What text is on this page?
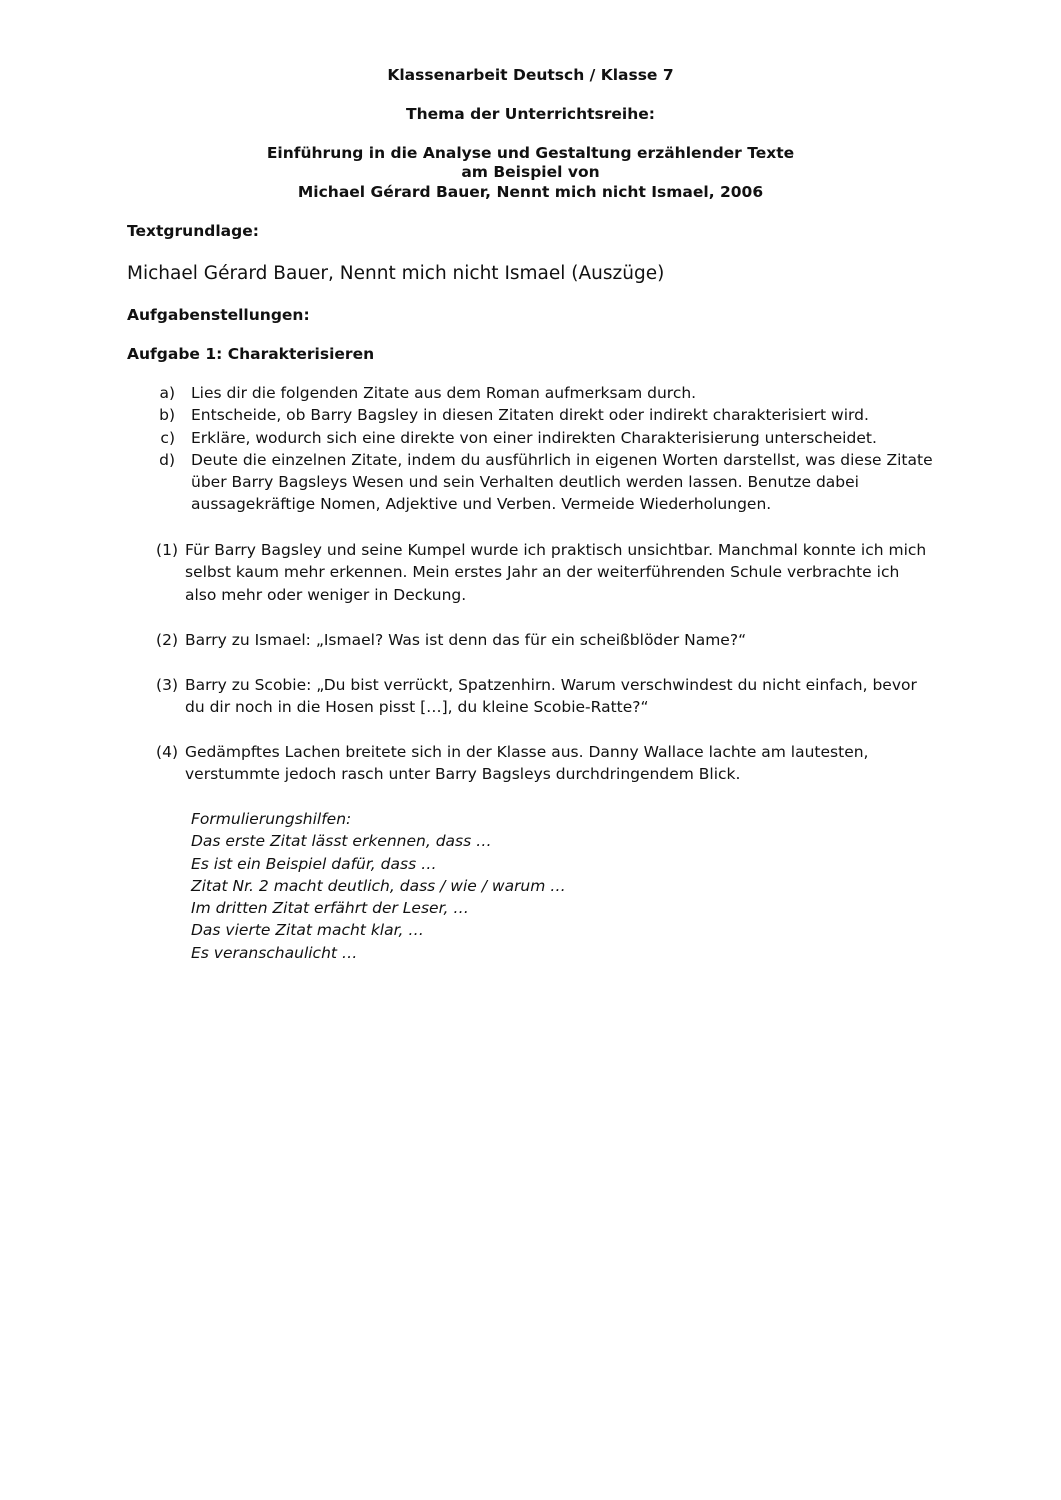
Klassenarbeit Deutsch / Klasse 7
Thema der Unterrichtsreihe:
Einführung in die Analyse und Gestaltung erzählender Texte
am Beispiel von
Michael Gérard Bauer, Nennt mich nicht Ismael, 2006
Textgrundlage:
Michael Gérard Bauer, Nennt mich nicht Ismael (Auszüge)
Aufgabenstellungen:
Aufgabe 1: Charakterisieren
a) Lies dir die folgenden Zitate aus dem Roman aufmerksam durch.
b) Entscheide, ob Barry Bagsley in diesen Zitaten direkt oder indirekt charakterisiert wird.
c) Erkläre, wodurch sich eine direkte von einer indirekten Charakterisierung unterscheidet.
d) Deute die einzelnen Zitate, indem du ausführlich in eigenen Worten darstellst, was diese Zitate über Barry Bagsleys Wesen und sein Verhalten deutlich werden lassen. Benutze dabei aussagekräftige Nomen, Adjektive und Verben. Vermeide Wiederholungen.
(1) Für Barry Bagsley und seine Kumpel wurde ich praktisch unsichtbar. Manchmal konnte ich mich selbst kaum mehr erkennen. Mein erstes Jahr an der weiterführenden Schule verbrachte ich also mehr oder weniger in Deckung.
(2) Barry zu Ismael: „Ismael? Was ist denn das für ein scheißblöder Name?“
(3) Barry zu Scobie: „Du bist verrückt, Spatzenhirn. Warum verschwindest du nicht einfach, bevor du dir noch in die Hosen pisst […], du kleine Scobie-Ratte?“
(4) Gedämpftes Lachen breitete sich in der Klasse aus. Danny Wallace lachte am lautesten, verstummte jedoch rasch unter Barry Bagsleys durchdringendem Blick.
Formulierungshilfen:
Das erste Zitat lässt erkennen, dass …
Es ist ein Beispiel dafür, dass …
Zitat Nr. 2 macht deutlich, dass / wie / warum …
Im dritten Zitat erfährt der Leser, …
Das vierte Zitat macht klar, …
Es veranschaulicht …
